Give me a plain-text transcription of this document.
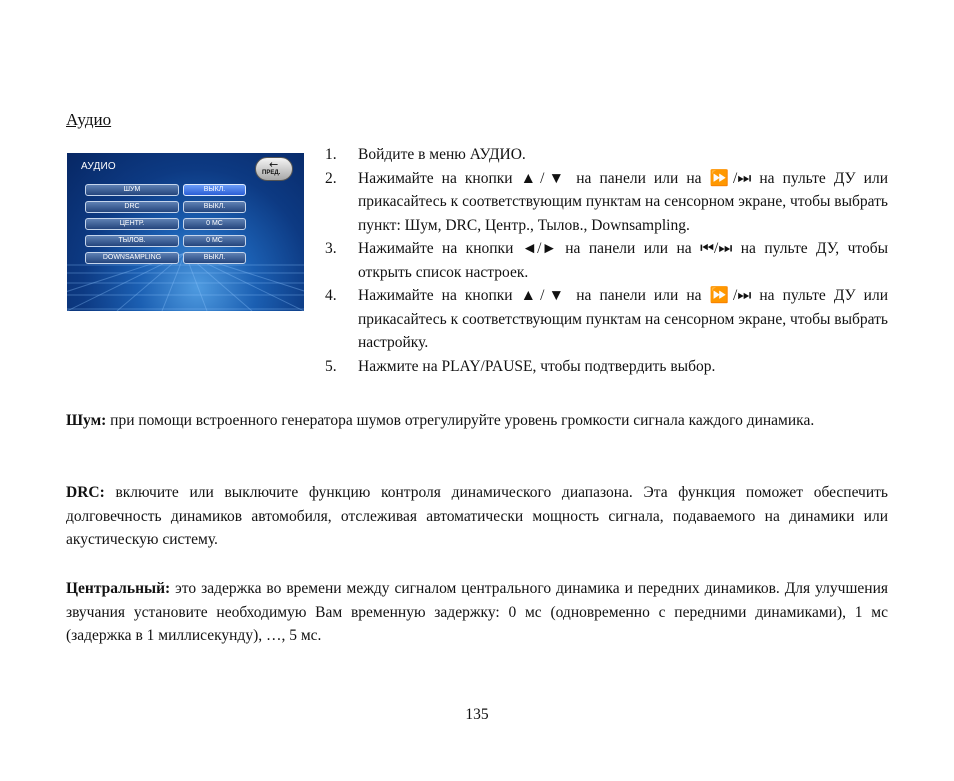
Аудио
АУДИО	←
ПРЕД.
ШУМ	ВЫКЛ.
DRC	ВЫКЛ.
ЦЕНТР.	0 МС
ТЫЛОВ.	0 МС
DOWNSAMPLING	ВЫКЛ.
1. Войдите в меню АУДИО.
2. Нажимайте на кнопки ▲/▼ на панели или на ⏩/⏭ на пульте ДУ или прикасайтесь к соответствующим пунктам на сенсорном экране, чтобы выбрать пункт: Шум, DRC, Центр., Тылов., Downsampling.
3. Нажимайте на кнопки ◄/► на панели или на ⏮/⏭ на пульте ДУ, чтобы открыть список настроек.
4. Нажимайте на кнопки ▲/▼ на панели или на ⏩/⏭ на пульте ДУ или прикасайтесь к соответствующим пунктам на сенсорном экране, чтобы выбрать настройку.
5. Нажмите на PLAY/PAUSE, чтобы подтвердить выбор.
Шум: при помощи встроенного генератора шумов отрегулируйте уровень громкости сигнала каждого динамика.
DRC: включите или выключите функцию контроля динамического диапазона. Эта функция поможет обеспечить долговечность динамиков автомобиля, отслеживая автоматически мощность сигнала, подаваемого на динамики или акустическую систему.
Центральный: это задержка во времени между сигналом центрального динамика и передних динамиков. Для улучшения звучания установите необходимую Вам временную задержку: 0 мс (одновременно с передними динамиками), 1 мс (задержка в 1 миллисекунду), …, 5 мс.
135
